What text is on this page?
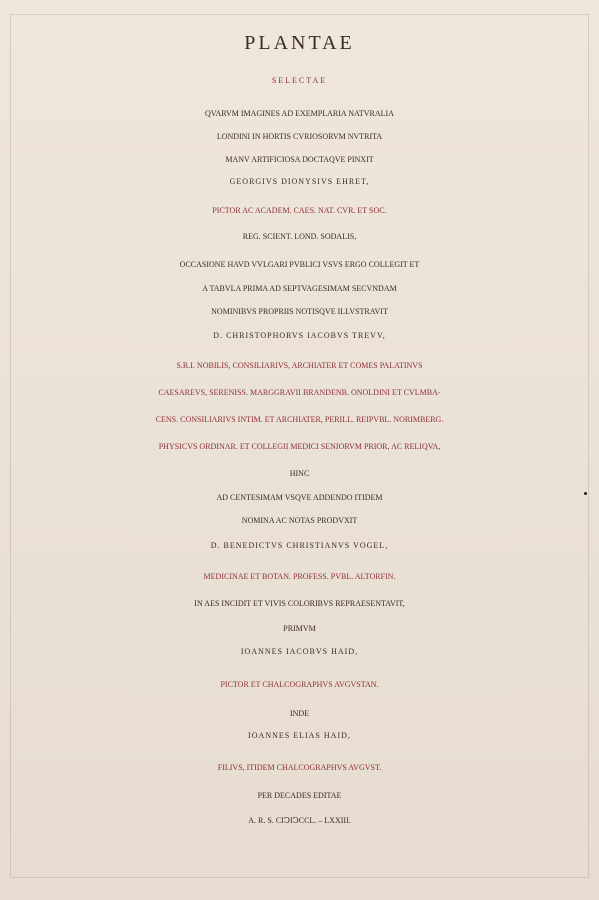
PLANTAE
SELECTAE
QVARVM IMAGINES AD EXEMPLARIA NATVRALIA
LONDINI IN HORTIS CVRIOSORVM NVTRITA
MANV ARTIFICIOSA DOCTAQVE PINXIT
GEORGIVS DIONYSIVS EHRET,
PICTOR AC ACADEM. CAES. NAT. CVR. ET SOC.
REG. SCIENT. LOND. SODALIS,
OCCASIONE HAVD VVLGARI PVBLICI VSVS ERGO COLLEGIT ET
A TABVLA PRIMA AD SEPTVAGESIMAM SECVNDAM
NOMINIBVS PROPRIIS NOTISQVE ILLVSTRAVIT
D. CHRISTOPHORVS IACOBVS TREVV,
S.R.I. NOBILIS, CONSILIARIVS, ARCHIATER ET COMES PALATINVS
CAESAREVS, SERENISS. MARGGRAVII BRANDENB. ONOLDINI ET CVLMBA-
CENS. CONSILIARIVS INTIM. ET ARCHIATER, PERILL. REIPVBL. NORIMBERG.
PHYSICVS ORDINAR. ET COLLEGII MEDICI SENIORVM PRIOR, AC RELIQVA,
HINC
AD CENTESIMAM VSQVE ADDENDO ITIDEM
NOMINA AC NOTAS PRODVXIT
D. BENEDICTVS CHRISTIANVS VOGEL,
MEDICINAE ET BOTAN. PROFESS. PVBL. ALTORFIN.
IN AES INCIDIT ET VIVIS COLORIBVS REPRAESENTAVIT,
PRIMVM
IOANNES IACOBVS HAID,
PICTOR ET CHALCOGRAPHVS AVGVSTAN.
INDE
IOANNES ELIAS HAID,
FILIVS, ITIDEM CHALCOGRAPHVS AVGVST.
PER DECADES EDITAE
A. R. S. CIↃIↃCCL. – LXXIII.
